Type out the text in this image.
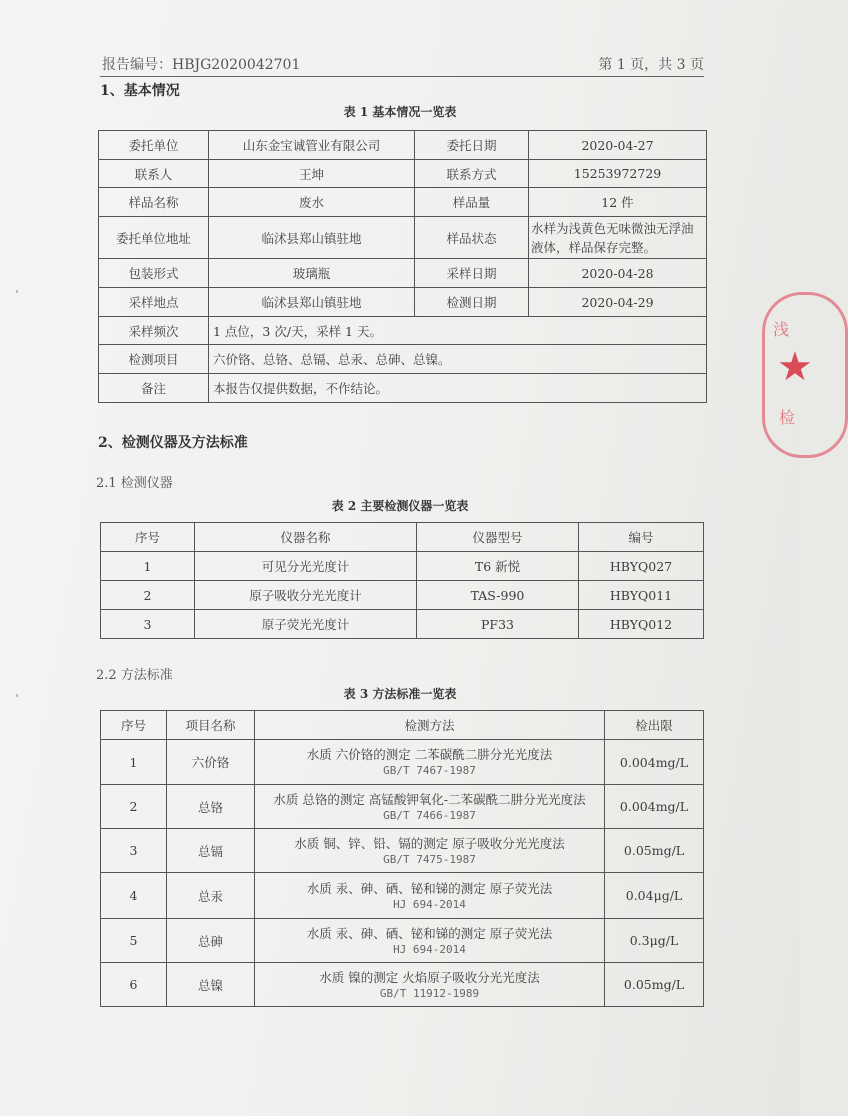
报告编号：HBJG2020042701	第 1 页，共 3 页
1、基本情况
表 1 基本情况一览表
委托单位	山东金宝诚管业有限公司	委托日期	2020-04-27
联系人	王坤	联系方式	15253972729
样品名称	废水	样品量	12 件
委托单位地址	临沭县郑山镇驻地	样品状态	水样为浅黄色无味微浊无浮油液体，样品保存完整。
包装形式	玻璃瓶	采样日期	2020-04-28
采样地点	临沭县郑山镇驻地	检测日期	2020-04-29
采样频次	1 点位，3 次/天，采样 1 天。		
检测项目	六价铬、总铬、总镉、总汞、总砷、总镍。		
备注	本报告仅提供数据，不作结论。		
2、检测仪器及方法标准
2.1 检测仪器
表 2 主要检测仪器一览表
序号	仪器名称	仪器型号	编号
1	可见分光光度计	T6 新悦	HBYQ027
2	原子吸收分光光度计	TAS-990	HBYQ011
3	原子荧光光度计	PF33	HBYQ012
2.2 方法标准
表 3 方法标准一览表
序号	项目名称	检测方法	检出限
1	六价铬	水质 六价铬的测定 二苯碳酰二肼分光光度法
GB/T 7467-1987	0.004mg/L
2	总铬	水质 总铬的测定 高锰酸钾氧化-二苯碳酰二肼分光光度法
GB/T 7466-1987	0.004mg/L
3	总镉	水质 铜、锌、铅、镉的测定 原子吸收分光光度法
GB/T 7475-1987	0.05mg/L
4	总汞	水质 汞、砷、硒、铋和锑的测定 原子荧光法
HJ 694-2014	0.04μg/L
5	总砷	水质 汞、砷、硒、铋和锑的测定 原子荧光法
HJ 694-2014	0.3μg/L
6	总镍	水质 镍的测定 火焰原子吸收分光光度法
GB/T 11912-1989	0.05mg/L
浅
★
检
